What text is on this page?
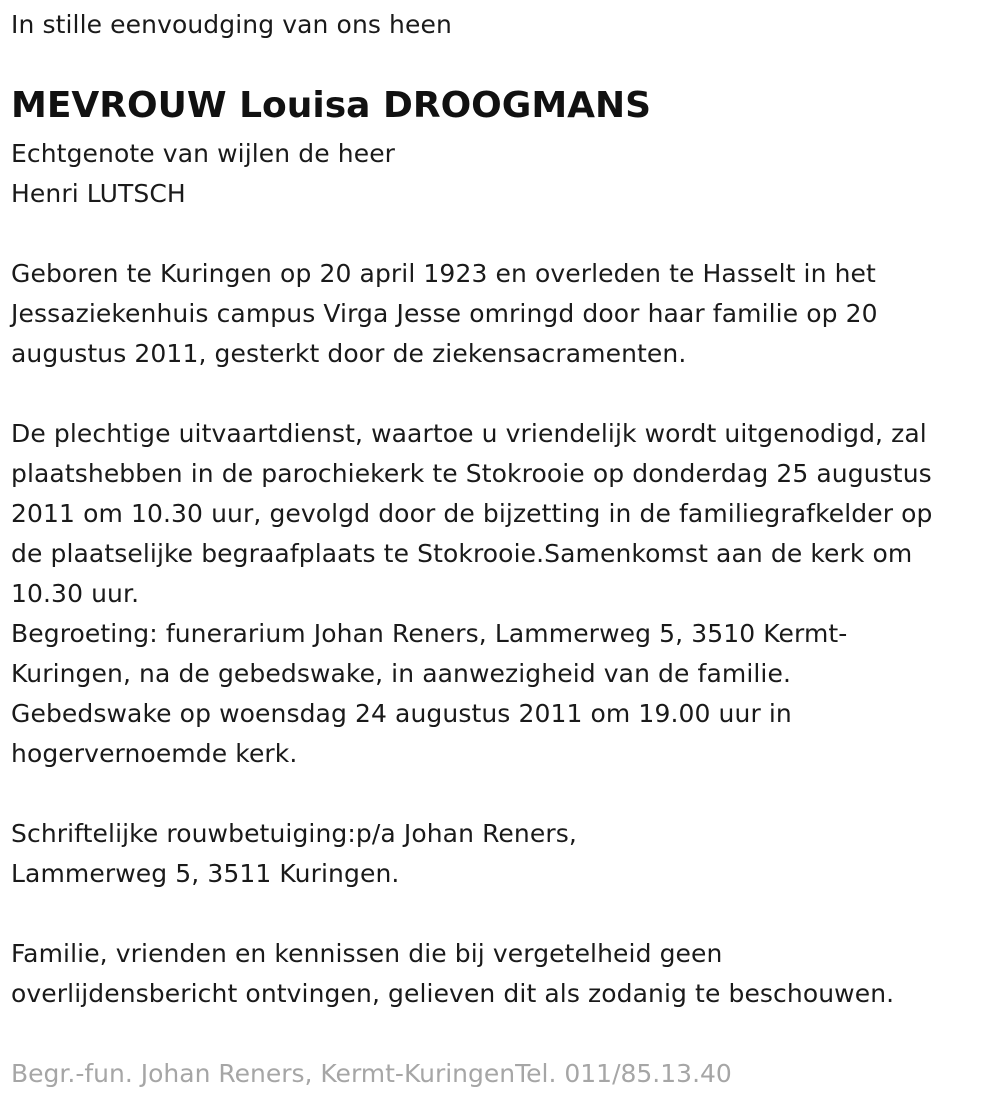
In stille eenvoudging van ons heen
MEVROUW Louisa DROOGMANS
Echtgenote van wijlen de heer
Henri LUTSCH
Geboren te Kuringen op 20 april 1923 en overleden te Hasselt in het
Jessaziekenhuis campus Virga Jesse omringd door haar familie op 20
augustus 2011, gesterkt door de ziekensacramenten.
De plechtige uitvaartdienst, waartoe u vriendelijk wordt uitgenodigd, zal
plaatshebben in de parochiekerk te Stokrooie op donderdag 25 augustus
2011 om 10.30 uur, gevolgd door de bijzetting in de familiegrafkelder op
de plaatselijke begraafplaats te Stokrooie.Samenkomst aan de kerk om
10.30 uur.
Begroeting: funerarium Johan Reners, Lammerweg 5, 3510 Kermt-
Kuringen, na de gebedswake, in aanwezigheid van de familie.
Gebedswake op woensdag 24 augustus 2011 om 19.00 uur in
hogervernoemde kerk.
Schriftelijke rouwbetuiging:p/a Johan Reners,
Lammerweg 5, 3511 Kuringen.
Familie, vrienden en kennissen die bij vergetelheid geen
overlijdensbericht ontvingen, gelieven dit als zodanig te beschouwen.
Begr.-fun. Johan Reners, Kermt-KuringenTel. 011/85.13.40
